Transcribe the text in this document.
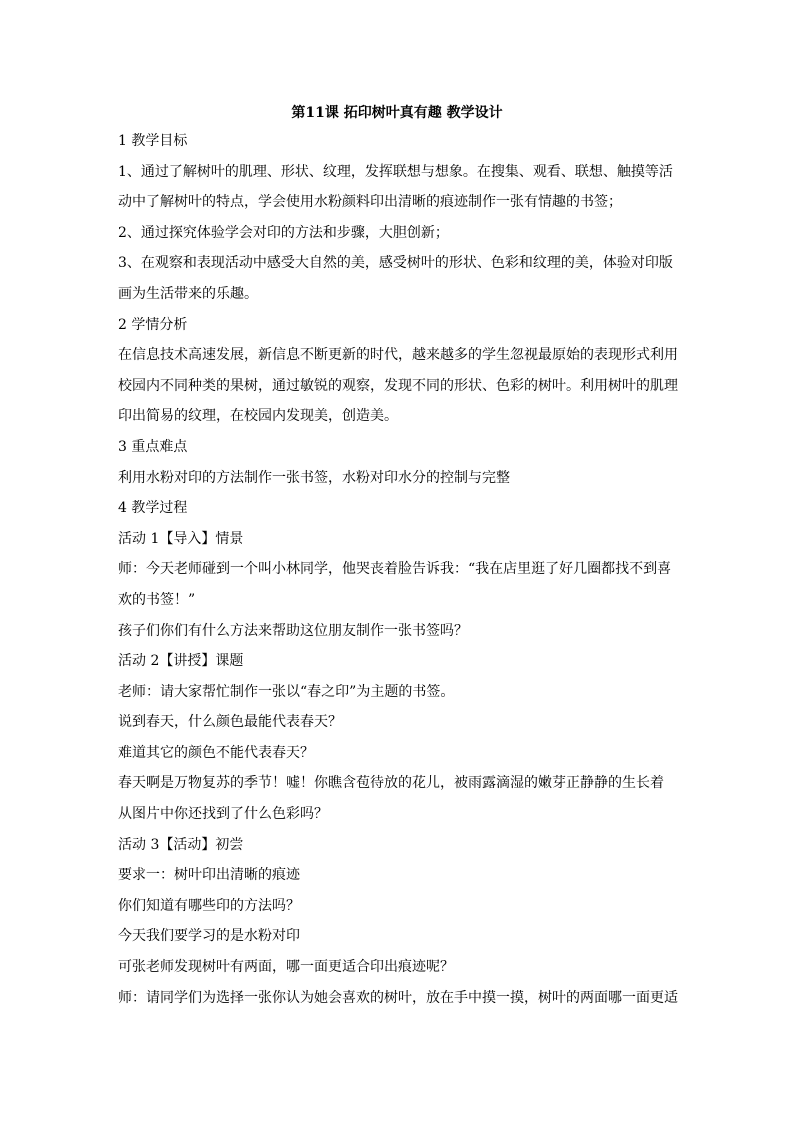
第11课 拓印树叶真有趣 教学设计
1 教学目标
1、通过了解树叶的肌理、形状、纹理，发挥联想与想象。在搜集、观看、联想、触摸等活
动中了解树叶的特点，学会使用水粉颜料印出清晰的痕迹制作一张有情趣的书签；
2、通过探究体验学会对印的方法和步骤，大胆创新；
3、在观察和表现活动中感受大自然的美，感受树叶的形状、色彩和纹理的美，体验对印版
画为生活带来的乐趣。
2 学情分析
在信息技术高速发展，新信息不断更新的时代，越来越多的学生忽视最原始的表现形式利用
校园内不同种类的果树，通过敏锐的观察，发现不同的形状、色彩的树叶。利用树叶的肌理
印出简易的纹理，在校园内发现美，创造美。
3 重点难点
利用水粉对印的方法制作一张书签，水粉对印水分的控制与完整
4 教学过程
活动 1【导入】情景
师：今天老师碰到一个叫小林同学，他哭丧着脸告诉我：“我在店里逛了好几圈都找不到喜
欢的书签！”
孩子们你们有什么方法来帮助这位朋友制作一张书签吗？
活动 2【讲授】课题
老师：请大家帮忙制作一张以“春之印”为主题的书签。
说到春天，什么颜色最能代表春天？
难道其它的颜色不能代表春天？
春天啊是万物复苏的季节！嘘！你瞧含苞待放的花儿，被雨露滴湿的嫩芽正静静的生长着
从图片中你还找到了什么色彩吗？
活动 3【活动】初尝
要求一：树叶印出清晰的痕迹
你们知道有哪些印的方法吗？
今天我们要学习的是水粉对印
可张老师发现树叶有两面，哪一面更适合印出痕迹呢？
师：请同学们为选择一张你认为她会喜欢的树叶，放在手中摸一摸，树叶的两面哪一面更适
